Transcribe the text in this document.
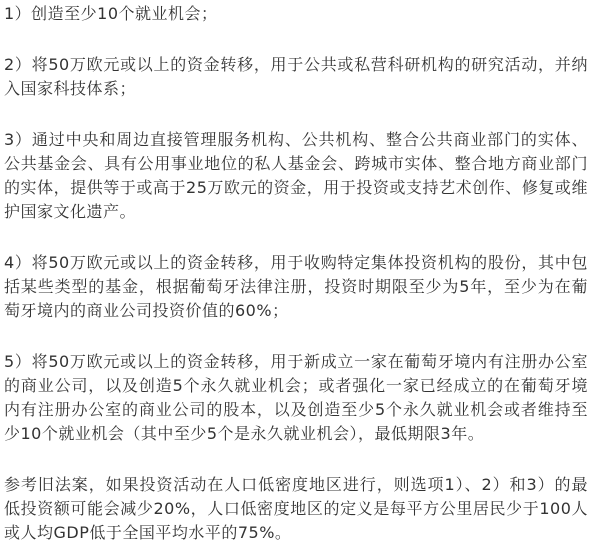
1）创造至少10个就业机会；

2）将50万欧元或以上的资金转移，用于公共或私营科研机构的研究活动，并纳入国家科技体系；

3）通过中央和周边直接管理服务机构、公共机构、整合公共商业部门的实体、公共基金会、具有公用事业地位的私人基金会、跨城市实体、整合地方商业部门的实体，提供等于或高于25万欧元的资金，用于投资或支持艺术创作、修复或维护国家文化遗产。

4）将50万欧元或以上的资金转移，用于收购特定集体投资机构的股份，其中包括某些类型的基金，根据葡萄牙法律注册，投资时期限至少为5年，至少为在葡萄牙境内的商业公司投资价值的60%；

5）将50万欧元或以上的资金转移，用于新成立一家在葡萄牙境内有注册办公室的商业公司，以及创造5个永久就业机会；或者强化一家已经成立的在葡萄牙境内有注册办公室的商业公司的股本，以及创造至少5个永久就业机会或者维持至少10个就业机会（其中至少5个是永久就业机会），最低期限3年。

参考旧法案，如果投资活动在人口低密度地区进行，则选项1）、2）和3）的最低投资额可能会减少20%，人口低密度地区的定义是每平方公里居民少于100人或人均GDP低于全国平均水平的75%。
